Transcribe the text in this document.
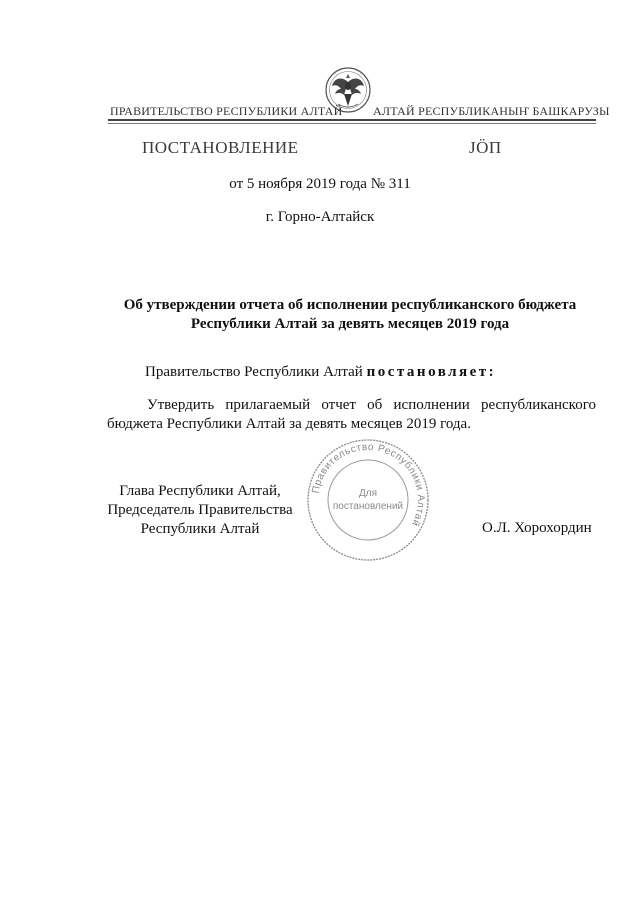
ПРАВИТЕЛЬСТВО РЕСПУБЛИКИ АЛТАЙ	АЛТАЙ РЕСПУБЛИКАНЫҤ БАШКАРУЗЫ
ПОСТАНОВЛЕНИЕ	ЈӦП
от 5 ноября 2019 года № 311
г. Горно-Алтайск
Об утверждении отчета об исполнении республиканского бюджета
Республики Алтай за девять месяцев 2019 года
Правительство Республики Алтай постановляет:
Утвердить прилагаемый отчет об исполнении республиканского бюджета Республики Алтай за девять месяцев 2019 года.
Глава Республики Алтай,
Председатель Правительства
Республики Алтай	О.Л. Хорохордин
Правительство Республики Алтай
Для
постановлений
